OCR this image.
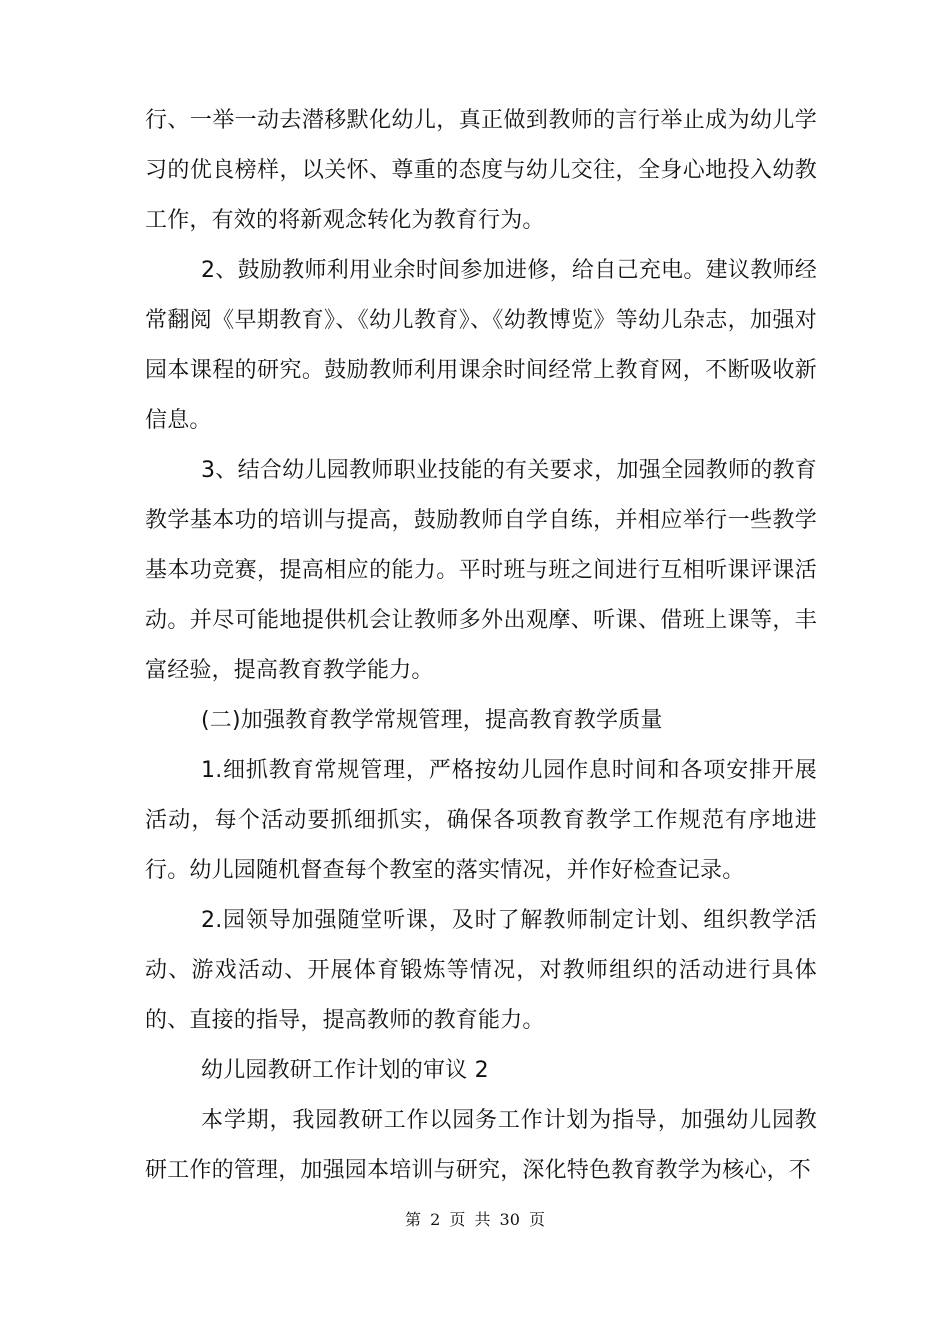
行、一举一动去潜移默化幼儿，真正做到教师的言行举止成为幼儿学习的优良榜样，以关怀、尊重的态度与幼儿交往，全身心地投入幼教工作，有效的将新观念转化为教育行为。

2、鼓励教师利用业余时间参加进修，给自己充电。建议教师经常翻阅《早期教育》、《幼儿教育》、《幼教博览》等幼儿杂志，加强对园本课程的研究。鼓励教师利用课余时间经常上教育网，不断吸收新信息。

3、结合幼儿园教师职业技能的有关要求，加强全园教师的教育教学基本功的培训与提高，鼓励教师自学自练，并相应举行一些教学基本功竞赛，提高相应的能力。平时班与班之间进行互相听课评课活动。并尽可能地提供机会让教师多外出观摩、听课、借班上课等，丰富经验，提高教育教学能力。

(二)加强教育教学常规管理，提高教育教学质量

1.细抓教育常规管理，严格按幼儿园作息时间和各项安排开展活动，每个活动要抓细抓实，确保各项教育教学工作规范有序地进行。幼儿园随机督查每个教室的落实情况，并作好检查记录。

2.园领导加强随堂听课，及时了解教师制定计划、组织教学活动、游戏活动、开展体育锻炼等情况，对教师组织的活动进行具体的、直接的指导，提高教师的教育能力。

幼儿园教研工作计划的审议 2

本学期，我园教研工作以园务工作计划为指导，加强幼儿园教研工作的管理，加强园本培训与研究，深化特色教育教学为核心，不

第 2 页 共 30 页
